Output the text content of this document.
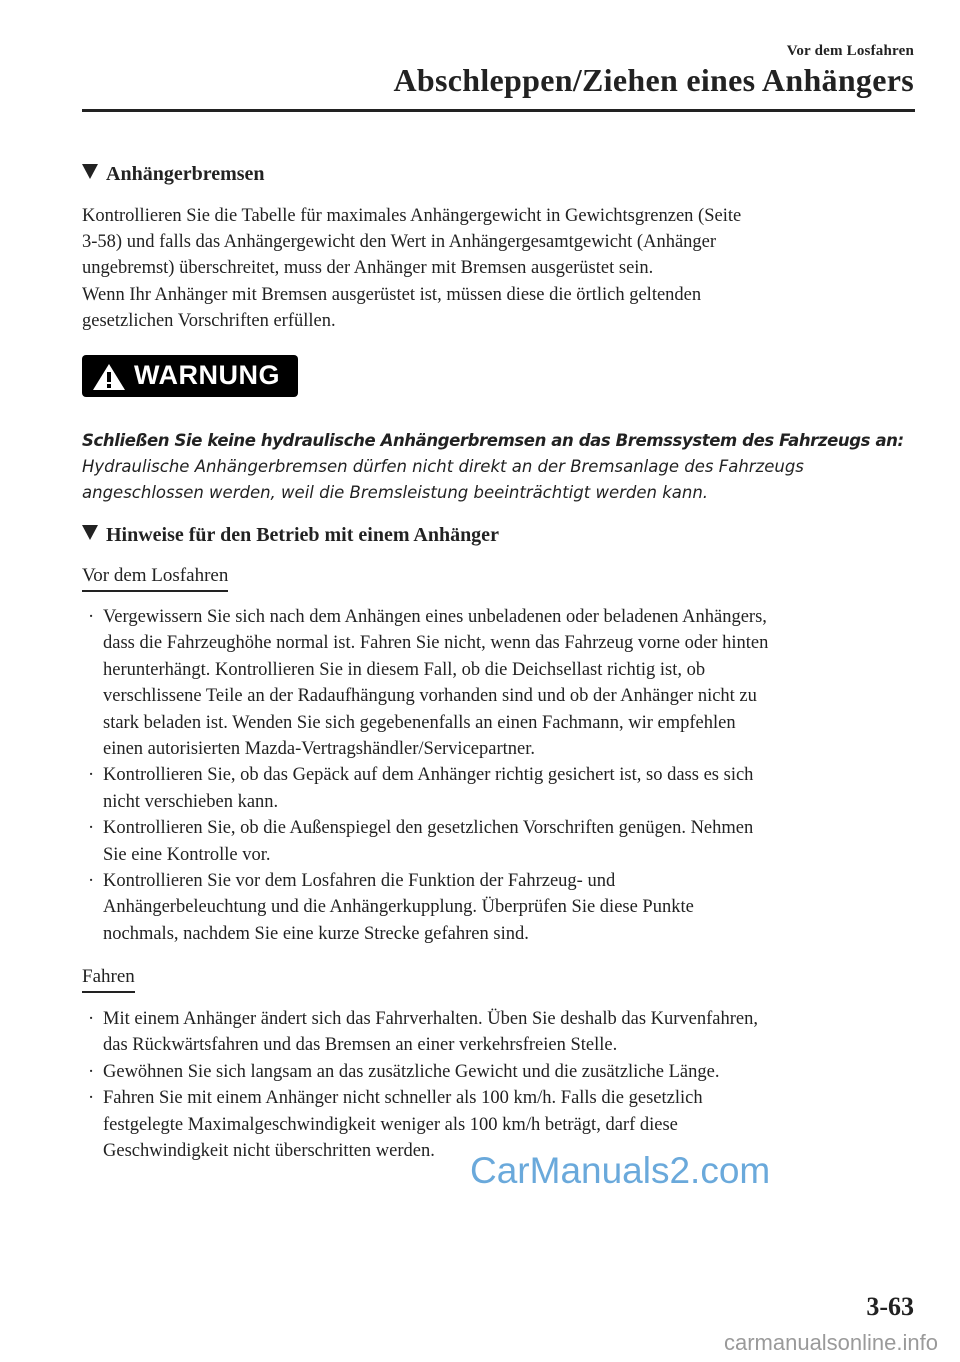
Vor dem Losfahren
Abschleppen/Ziehen eines Anhängers
Anhängerbremsen

Kontrollieren Sie die Tabelle für maximales Anhängergewicht in Gewichtsgrenzen (Seite

3-58) und falls das Anhängergewicht den Wert in Anhängergesamtgewicht (Anhänger

ungebremst) überschreitet, muss der Anhänger mit Bremsen ausgerüstet sein.

Wenn Ihr Anhänger mit Bremsen ausgerüstet ist, müssen diese die örtlich geltenden

gesetzlichen Vorschriften erfüllen.

WARNUNG
Schließen Sie keine hydraulische Anhängerbremsen an das Bremssystem des Fahrzeugs an:
Hydraulische Anhängerbremsen dürfen nicht direkt an der Bremsanlage des Fahrzeugs
angeschlossen werden, weil die Bremsleistung beeinträchtigt werden kann.
Hinweise für den Betrieb mit einem Anhänger
Vor dem Losfahren
· Vergewissern Sie sich nach dem Anhängen eines unbeladenen oder beladenen Anhängers,
dass die Fahrzeughöhe normal ist. Fahren Sie nicht, wenn das Fahrzeug vorne oder hinten
herunterhängt. Kontrollieren Sie in diesem Fall, ob die Deichsellast richtig ist, ob
verschlissene Teile an der Radaufhängung vorhanden sind und ob der Anhänger nicht zu
stark beladen ist. Wenden Sie sich gegebenenfalls an einen Fachmann, wir empfehlen
einen autorisierten Mazda-Vertragshändler/Servicepartner.
· Kontrollieren Sie, ob das Gepäck auf dem Anhänger richtig gesichert ist, so dass es sich
nicht verschieben kann.
· Kontrollieren Sie, ob die Außenspiegel den gesetzlichen Vorschriften genügen. Nehmen
Sie eine Kontrolle vor.
· Kontrollieren Sie vor dem Losfahren die Funktion der Fahrzeug- und
Anhängerbeleuchtung und die Anhängerkupplung. Überprüfen Sie diese Punkte
nochmals, nachdem Sie eine kurze Strecke gefahren sind.
Fahren
· Mit einem Anhänger ändert sich das Fahrverhalten. Üben Sie deshalb das Kurvenfahren,
das Rückwärtsfahren und das Bremsen an einer verkehrsfreien Stelle.
· Gewöhnen Sie sich langsam an das zusätzliche Gewicht und die zusätzliche Länge.
· Fahren Sie mit einem Anhänger nicht schneller als 100 km/h. Falls die gesetzlich
festgelegte Maximalgeschwindigkeit weniger als 100 km/h beträgt, darf diese
Geschwindigkeit nicht überschritten werden. CarManuals2.com
3-63
carmanualsonline.info
